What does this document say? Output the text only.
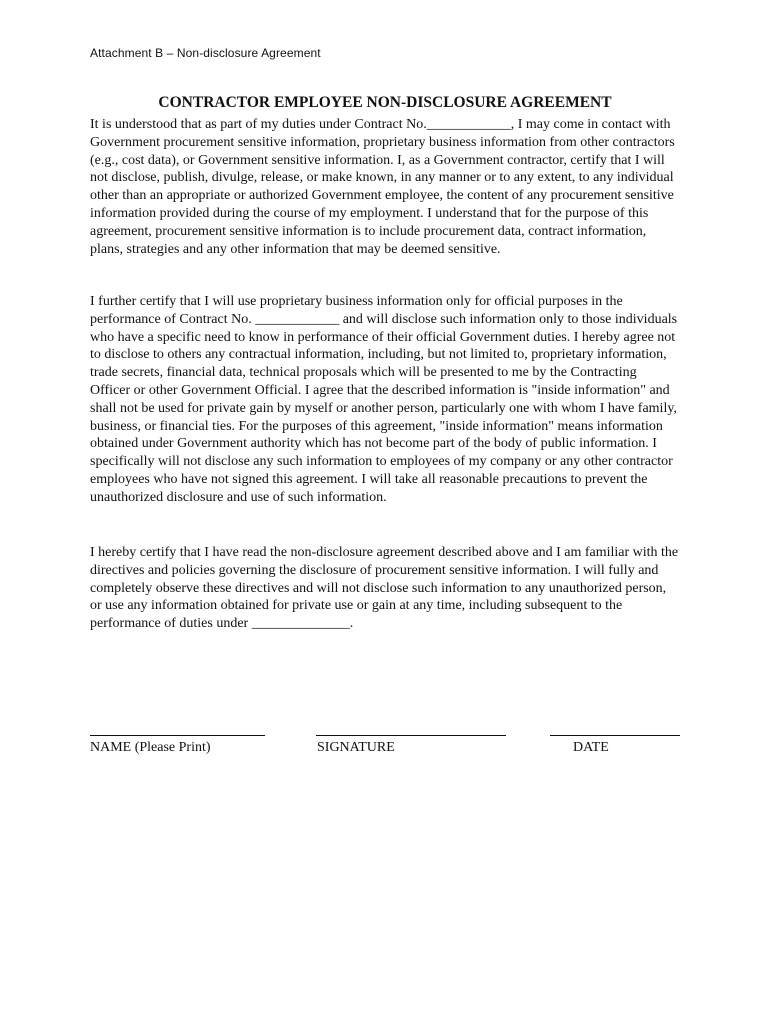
Attachment B – Non-disclosure Agreement
CONTRACTOR EMPLOYEE NON-DISCLOSURE AGREEMENT
It is understood that as part of my duties under Contract No.____________, I may come in contact with Government procurement sensitive information, proprietary business information from other contractors (e.g., cost data), or Government sensitive information. I, as a Government contractor, certify that I will not disclose, publish, divulge, release, or make known, in any manner or to any extent, to any individual other than an appropriate or authorized Government employee, the content of any procurement sensitive information provided during the course of my employment. I understand that for the purpose of this agreement, procurement sensitive information is to include procurement data, contract information, plans, strategies and any other information that may be deemed sensitive.
I further certify that I will use proprietary business information only for official purposes in the performance of Contract No. ____________ and will disclose such information only to those individuals who have a specific need to know in performance of their official Government duties. I hereby agree not to disclose to others any contractual information, including, but not limited to, proprietary information, trade secrets, financial data, technical proposals which will be presented to me by the Contracting Officer or other Government Official. I agree that the described information is "inside information" and shall not be used for private gain by myself or another person, particularly one with whom I have family, business, or financial ties. For the purposes of this agreement, "inside information" means information obtained under Government authority which has not become part of the body of public information. I specifically will not disclose any such information to employees of my company or any other contractor employees who have not signed this agreement. I will take all reasonable precautions to prevent the unauthorized disclosure and use of such information.
I hereby certify that I have read the non-disclosure agreement described above and I am familiar with the directives and policies governing the disclosure of procurement sensitive information. I will fully and completely observe these directives and will not disclose such information to any unauthorized person, or use any information obtained for private use or gain at any time, including subsequent to the performance of duties under ______________.
NAME (Please Print)	SIGNATURE	DATE
